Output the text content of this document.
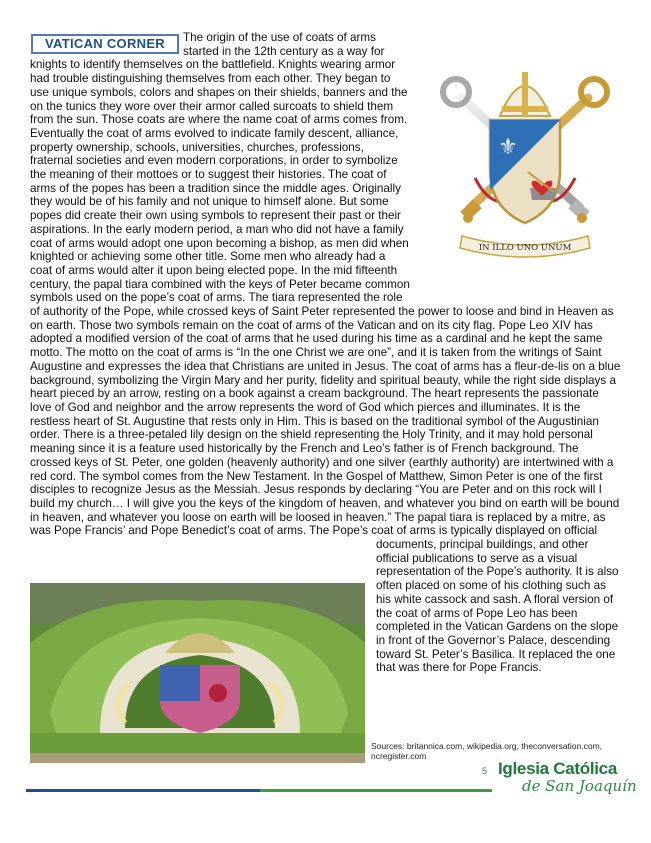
VATICAN CORNER	The origin of the use of coats of arms started in the 12th century as a way for knights to identify themselves on the battlefield. Knights wearing armor had trouble distinguishing themselves from each other. They began to use unique symbols, colors and shapes on their shields, banners and the on the tunics they wore over their armor called surcoats to shield them from the sun. Those coats are where the name coat of arms comes from. Eventually the coat of arms evolved to indicate family descent, alliance, property ownership, schools, universities, churches, professions, fraternal societies and even modern corporations, in order to symbolize the meaning of their mottoes or to suggest their histories. The coat of arms of the popes has been a tradition since the middle ages. Originally they would be of his family and not unique to himself alone. But some popes did create their own using symbols to represent their past or their aspirations. In the early modern period, a man who did not have a family coat of arms would adopt one upon becoming a bishop, as men did when knighted or achieving some other title. Some men who already had a coat of arms would alter it upon being elected pope. In the mid fifteenth century, the papal tiara combined with the keys of Peter became common symbols used on the pope’s coat of arms. The tiara represented the role of authority of the Pope, while crossed keys of Saint Peter represented the power to loose and bind in Heaven as on earth. Those two symbols remain on the coat of arms of the Vatican and on its city flag. Pope Leo XIV has adopted a modified version of the coat of arms that he used during his time as a cardinal and he kept the same motto. The motto on the coat of arms is “In the one Christ we are one”, and it is taken from the writings of Saint Augustine and expresses the idea that Christians are united in Jesus. The coat of arms has a fleur-de-lis on a blue background, symbolizing the Virgin Mary and her purity, fidelity and spiritual beauty, while the right side displays a heart pieced by an arrow, resting on a book against a cream background. The heart represents the passionate love of God and neighbor and the arrow represents the word of God which pierces and illuminates. It is the restless heart of St. Augustine that rests only in Him. This is based on the traditional symbol of the Augustinian order. There is a three-petaled lily design on the shield representing the Holy Trinity, and it may hold personal meaning since it is a feature used historically by the French and Leo’s father is of French background. The crossed keys of St. Peter, one golden (heavenly authority) and one silver (earthly authority) are intertwined with a red cord. The symbol comes from the New Testament. In the Gospel of Matthew, Simon Peter is one of the first disciples to recognize Jesus as the Messiah. Jesus responds by declaring “You are Peter and on this rock will I build my church… I will give you the keys of the kingdom of heaven, and whatever you bind on earth will be bound in heaven, and whatever you loose on earth will be loosed in heaven.” The papal tiara is replaced by a mitre, as was Pope Francis’ and Pope Benedict’s coat of arms. The Pope’s coat of arms is typically displayed on official
documents, principal buildings, and other official publications to serve as a visual representation of the Pope’s authority. It is also often placed on some of his clothing such as his white cassock and sash. A floral version of the coat of arms of Pope Leo has been completed in the Vatican Gardens on the slope in front of the Governor’s Palace, descending toward St. Peter’s Basilica. It replaced the one that was there for Pope Francis.
⚜
IN ILLO UNO UNUM
Sources: britannica.com, wikipedia.org, theconversation.com, ncregister.com
5 Iglesia Católica
de San Joaquín
